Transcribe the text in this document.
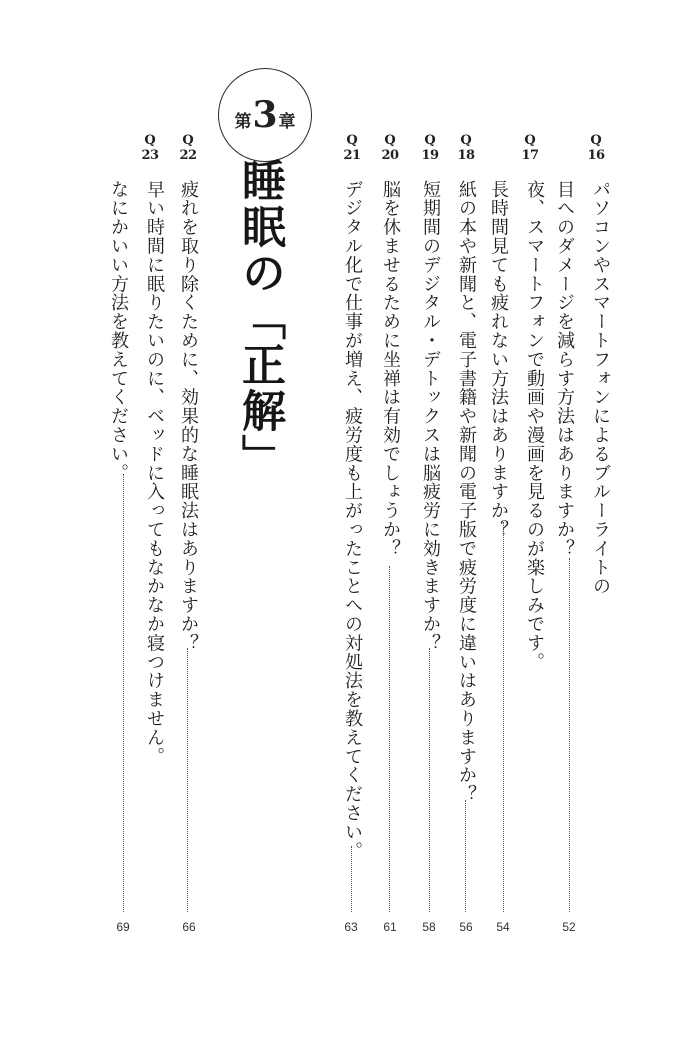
第 3 章
睡眠の「正解」
Q
16
パソコンやスマートフォンによるブルーライトの
目へのダメージを減らす方法はありますか？
52
Q
17
夜、スマートフォンで動画や漫画を見るのが楽しみです。
長時間見ても疲れない方法はありますか？
54
Q
18
紙の本や新聞と、電子書籍や新聞の電子版で疲労度に違いはありますか？
56
Q
19
短期間のデジタル・デトックスは脳疲労に効きますか？
58
Q
20
脳を休ませるために坐禅は有効でしょうか？
61
Q
21
デジタル化で仕事が増え、疲労度も上がったことへの対処法を教えてください。
63
Q
22
疲れを取り除くために、効果的な睡眠法はありますか？
66
Q
23
早い時間に眠りたいのに、ベッドに入ってもなかなか寝つけません。
なにかいい方法を教えてください。
69
